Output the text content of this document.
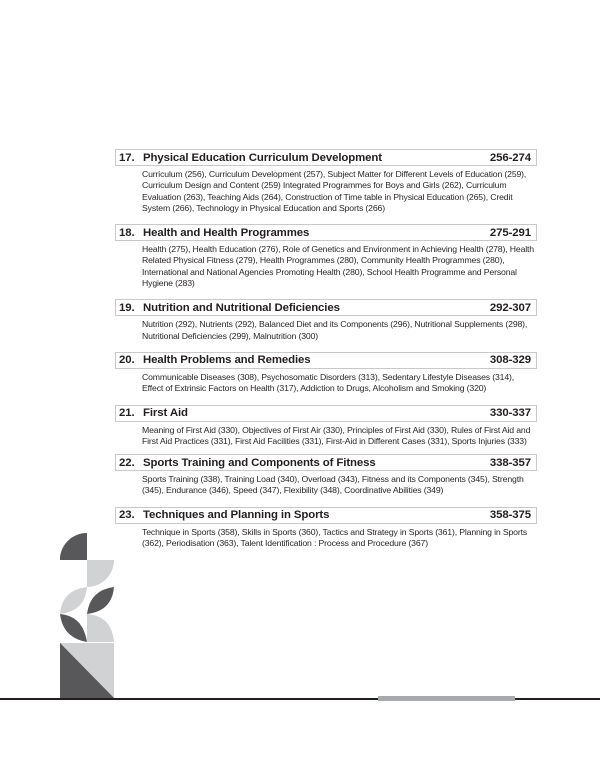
17. Physical Education Curriculum Development	256-274

Curriculum (256), Curriculum Development (257), Subject Matter for Different Levels of Education (259), Curriculum Design and Content (259) Integrated Programmes for Boys and Girls (262), Curriculum Evaluation (263), Teaching Aids (264), Construction of Time table in Physical Education (265), Credit System (266), Technology in Physical Education and Sports (266)

18. Health and Health Programmes	275-291

Health (275), Health Education (276), Role of Genetics and Environment in Achieving Health (278), Health Related Physical Fitness (279), Health Programmes (280), Community Health Programmes (280), International and National Agencies Promoting Health (280), School Health Programme and Personal Hygiene (283)

19. Nutrition and Nutritional Deficiencies	292-307

Nutrition (292), Nutrients (292), Balanced Diet and its Components (296), Nutritional Supplements (298), Nutritional Deficiencies (299), Malnutrition (300)

20. Health Problems and Remedies	308-329

Communicable Diseases (308), Psychosomatic Disorders (313), Sedentary Lifestyle Diseases (314), Effect of Extrinsic Factors on Health (317), Addiction to Drugs, Alcoholism and Smoking (320)

21. First Aid	330-337

Meaning of First Aid (330), Objectives of First Air (330), Principles of First Aid (330), Rules of First Aid and First Aid Practices (331), First Aid Facilities (331), First-Aid in Different Cases (331), Sports Injuries (333)

22. Sports Training and Components of Fitness	338-357

Sports Training (338), Training Load (340), Overload (343), Fitness and its Components (345), Strength (345), Endurance (346), Speed (347), Flexibility (348), Coordinative Abilities (349)

23. Techniques and Planning in Sports	358-375

Technique in Sports (358), Skills in Sports (360), Tactics and Strategy in Sports (361), Planning in Sports (362), Periodisation (363), Talent Identification : Process and Procedure (367)
